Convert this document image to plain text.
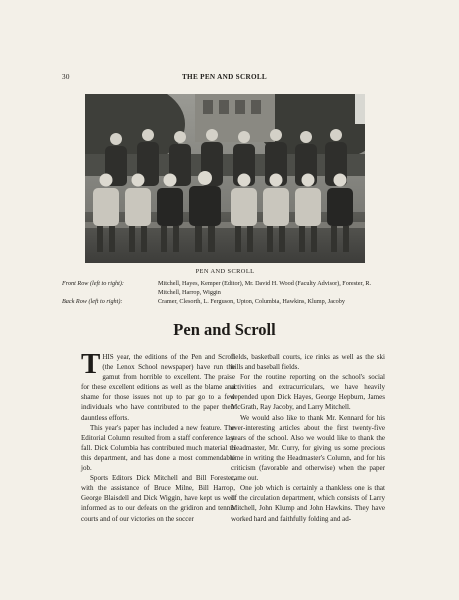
30	THE PEN AND SCROLL
PEN AND SCROLL
Front Row (left to right):	Mitchell, Hayes, Kemper (Editor), Mr. David H. Wood (Faculty Advisor), Forester, R. Mitchell, Harrop, Wiggin
Back Row (left to right):	Cramer, Clesorth, L. Ferguson, Upton, Columbia, Hawkins, Klump, Jacoby
Pen and Scroll

THIS year, the editions of the Pen and Scroll (the Lenox School newspaper) have run the gamut from horrible to excellent. The praise for these excellent editions as well as the blame and shame for those issues not up to par go to a few individuals who have contributed to the paper their dauntless efforts.

This year's paper has included a new feature. The Editorial Column resulted from a staff conference last fall. Dick Columbia has contributed much material to this department, and has done a most commendable job.

Sports Editors Dick Mitchell and Bill Forester, with the assistance of Bruce Milne, Bill Harrop, George Blaisdell and Dick Wiggin, have kept us well informed as to our defeats on the gridiron and tennis courts and of our victories on the soccer

fields, basketball courts, ice rinks as well as the ski hills and baseball fields.

For the routine reporting on the school's social activities and extracurriculars, we have heavily depended upon Dick Hayes, George Hepburn, James McGrath, Ray Jacoby, and Larry Mitchell.

We would also like to thank Mr. Kennard for his ever-interesting articles about the first twenty-five years of the school. Also we would like to thank the Headmaster, Mr. Curry, for giving us some precious time in writing the Headmaster's Column, and for his criticism (favorable and otherwise) when the paper came out.

One job which is certainly a thankless one is that of the circulation department, which consists of Larry Mitchell, John Klump and John Hawkins. They have worked hard and faithfully folding and ad-
